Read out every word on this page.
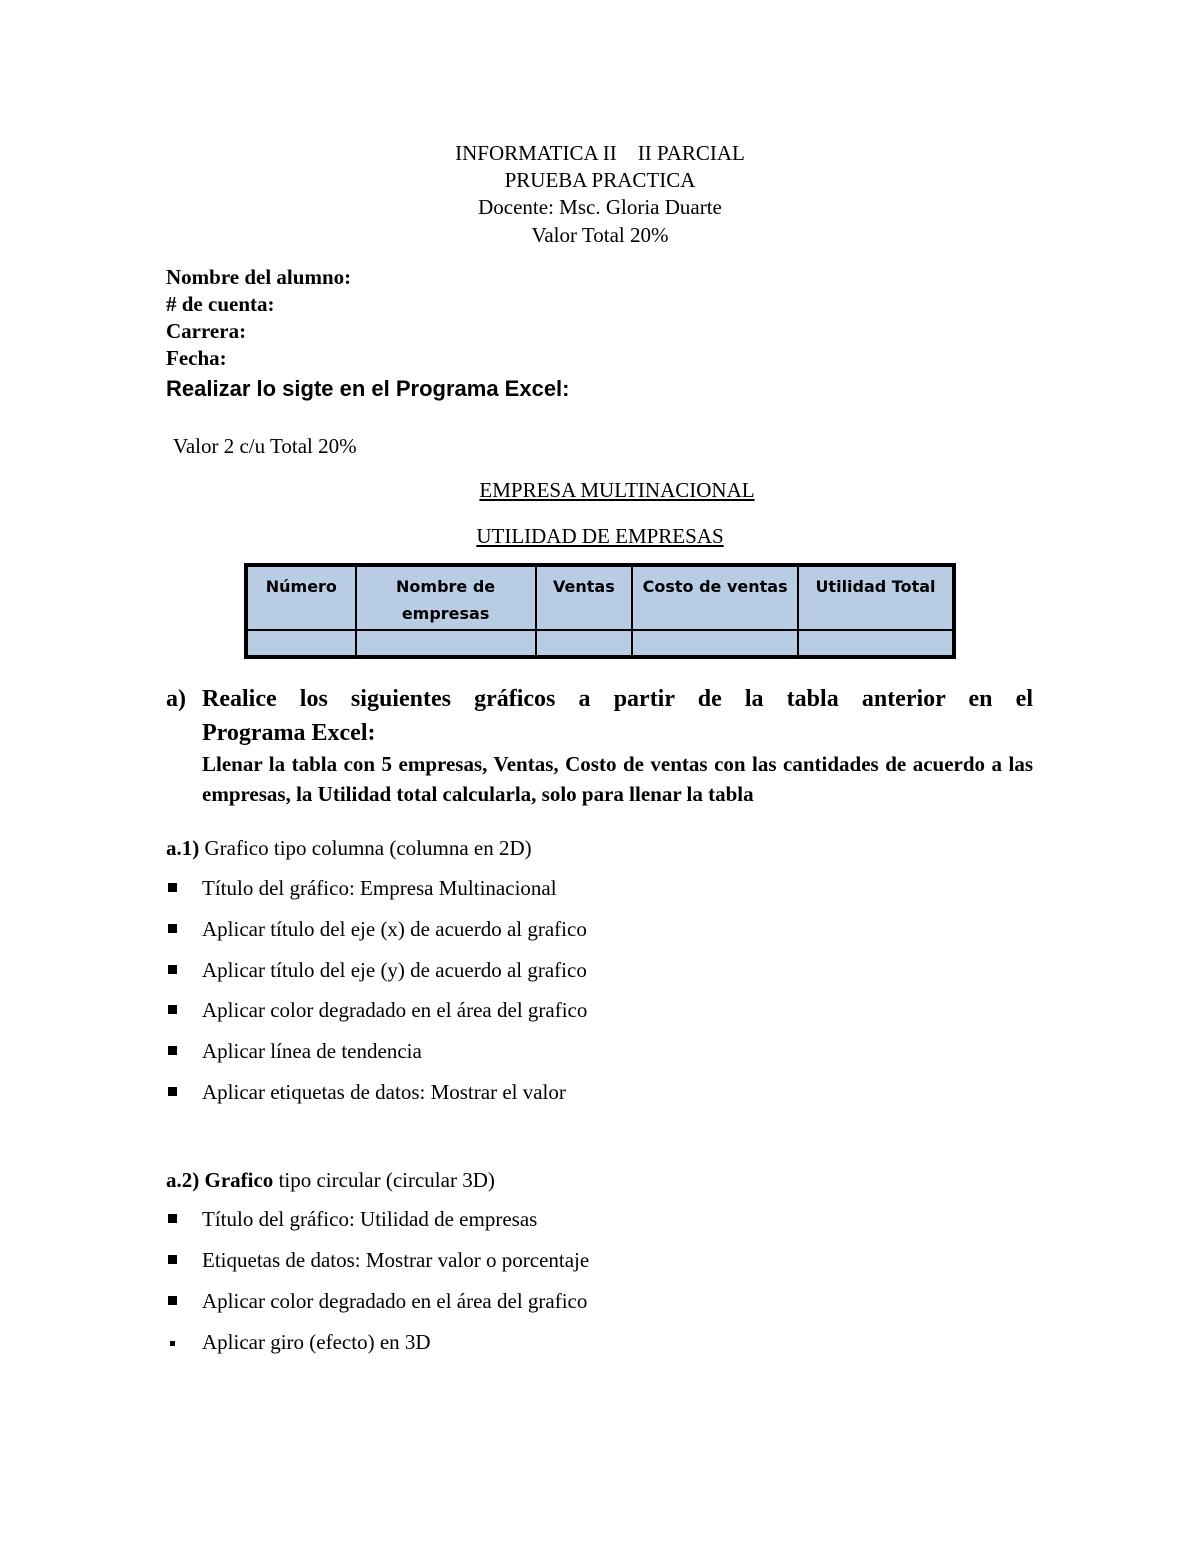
INFORMATICA II    II PARCIAL
PRUEBA PRACTICA
Docente: Msc. Gloria Duarte
Valor Total 20%
Nombre del alumno:
# de cuenta:
Carrera:
Fecha:
Realizar lo sigte en el Programa Excel:
Valor 2 c/u Total 20%
EMPRESA MULTINACIONAL
UTILIDAD DE EMPRESAS
Número	Nombre de empresas	Ventas	Costo de ventas	Utilidad Total

a) Realice los siguientes gráficos a partir de la tabla anterior en el
Programa Excel:
Llenar la tabla con 5 empresas, Ventas, Costo de ventas con las cantidades de acuerdo a las empresas, la Utilidad total calcularla, solo para llenar la tabla
a.1) Grafico tipo columna (columna en 2D)
Título del gráfico: Empresa Multinacional
Aplicar título del eje (x) de acuerdo al grafico
Aplicar título del eje (y) de acuerdo al grafico
Aplicar color degradado en el área del grafico
Aplicar línea de tendencia
Aplicar etiquetas de datos: Mostrar el valor
a.2) Grafico tipo circular (circular 3D)
Título del gráfico: Utilidad de empresas
Etiquetas de datos: Mostrar valor o porcentaje
Aplicar color degradado en el área del grafico
Aplicar giro (efecto) en 3D
